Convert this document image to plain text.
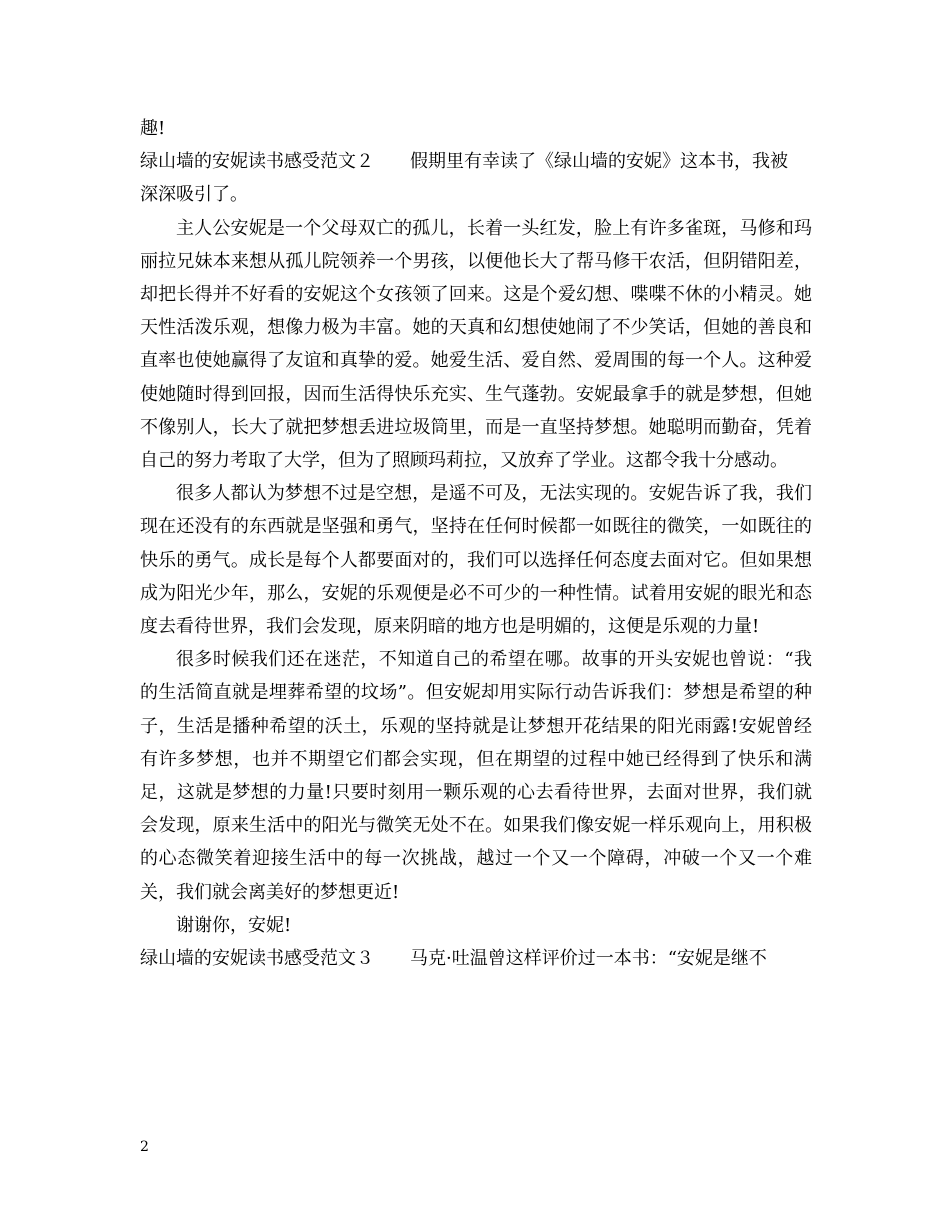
趣!

绿山墙的安妮读书感受范文２ 假期里有幸读了《绿山墙的安妮》这本书，我被

深深吸引了。

主人公安妮是一个父母双亡的孤儿，长着一头红发，脸上有许多雀斑，马修和玛丽拉兄妹本来想从孤儿院领养一个男孩，以便他长大了帮马修干农活，但阴错阳差，却把长得并不好看的安妮这个女孩领了回来。这是个爱幻想、喋喋不休的小精灵。她天性活泼乐观，想像力极为丰富。她的天真和幻想使她闹了不少笑话，但她的善良和直率也使她赢得了友谊和真挚的爱。她爱生活、爱自然、爱周围的每一个人。这种爱使她随时得到回报，因而生活得快乐充实、生气蓬勃。安妮最拿手的就是梦想，但她不像别人，长大了就把梦想丢进垃圾筒里，而是一直坚持梦想。她聪明而勤奋，凭着自己的努力考取了大学，但为了照顾玛莉拉，又放弃了学业。这都令我十分感动。

很多人都认为梦想不过是空想，是遥不可及，无法实现的。安妮告诉了我，我们现在还没有的东西就是坚强和勇气，坚持在任何时候都一如既往的微笑，一如既往的快乐的勇气。成长是每个人都要面对的，我们可以选择任何态度去面对它。但如果想成为阳光少年，那么，安妮的乐观便是必不可少的一种性情。试着用安妮的眼光和态度去看待世界，我们会发现，原来阴暗的地方也是明媚的，这便是乐观的力量!

很多时候我们还在迷茫，不知道自己的希望在哪。故事的开头安妮也曾说：“我的生活简直就是埋葬希望的坟场”。但安妮却用实际行动告诉我们：梦想是希望的种子，生活是播种希望的沃土，乐观的坚持就是让梦想开花结果的阳光雨露!安妮曾经有许多梦想，也并不期望它们都会实现，但在期望的过程中她已经得到了快乐和满足，这就是梦想的力量!只要时刻用一颗乐观的心去看待世界，去面对世界，我们就会发现，原来生活中的阳光与微笑无处不在。如果我们像安妮一样乐观向上，用积极的心态微笑着迎接生活中的每一次挑战，越过一个又一个障碍，冲破一个又一个难关，我们就会离美好的梦想更近!

谢谢你，安妮!

绿山墙的安妮读书感受范文３ 马克·吐温曾这样评价过一本书：“安妮是继不

2
